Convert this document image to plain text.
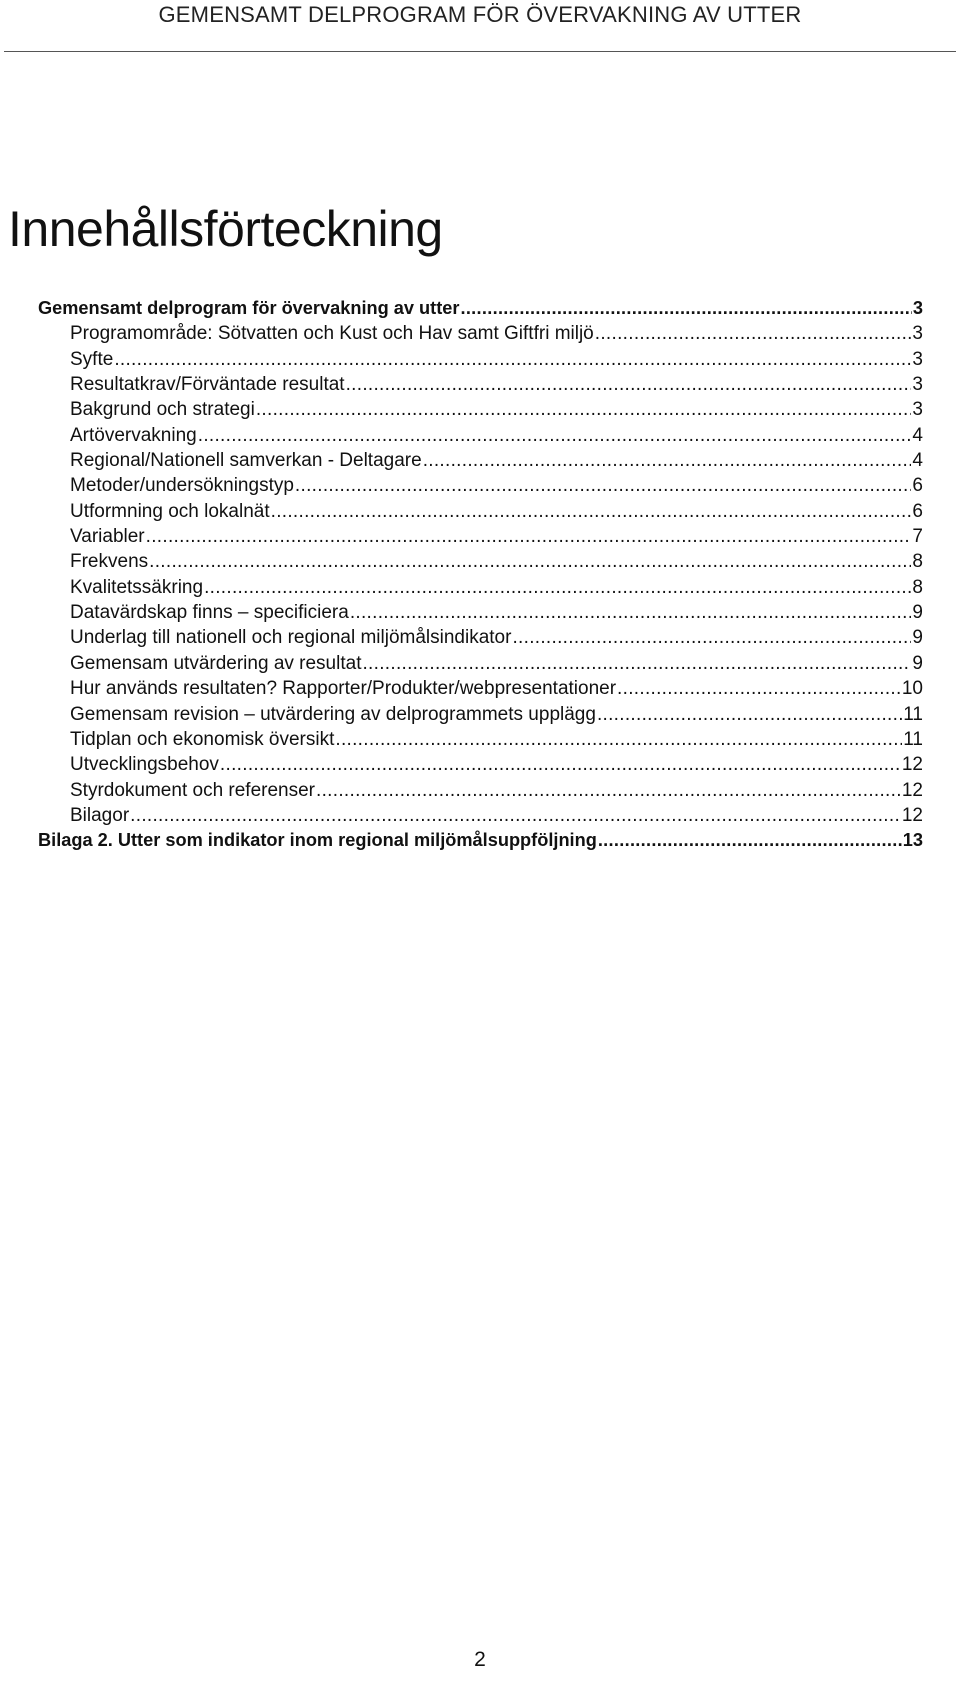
GEMENSAMT DELPROGRAM FÖR ÖVERVAKNING AV UTTER
Innehållsförteckning
Gemensamt delprogram för övervakning av utter .....	3
Programområde: Sötvatten och Kust och Hav samt Giftfri miljö .....	3
Syfte .....	3
Resultatkrav/Förväntade resultat .....	3
Bakgrund och strategi .....	3
Artövervakning .....	4
Regional/Nationell samverkan - Deltagare .....	4
Metoder/undersökningstyp .....	6
Utformning och lokalnät .....	6
Variabler .....	7
Frekvens .....	8
Kvalitetssäkring .....	8
Datavärdskap finns – specificiera .....	9
Underlag till nationell och regional miljömålsindikator .....	9
Gemensam utvärdering av resultat .....	9
Hur används resultaten? Rapporter/Produkter/webpresentationer .....	10
Gemensam revision – utvärdering av delprogrammets upplägg .....	11
Tidplan och ekonomisk översikt .....	11
Utvecklingsbehov .....	12
Styrdokument och referenser .....	12
Bilagor .....	12
Bilaga 2. Utter som indikator inom regional miljömålsuppföljning .....	13
2
